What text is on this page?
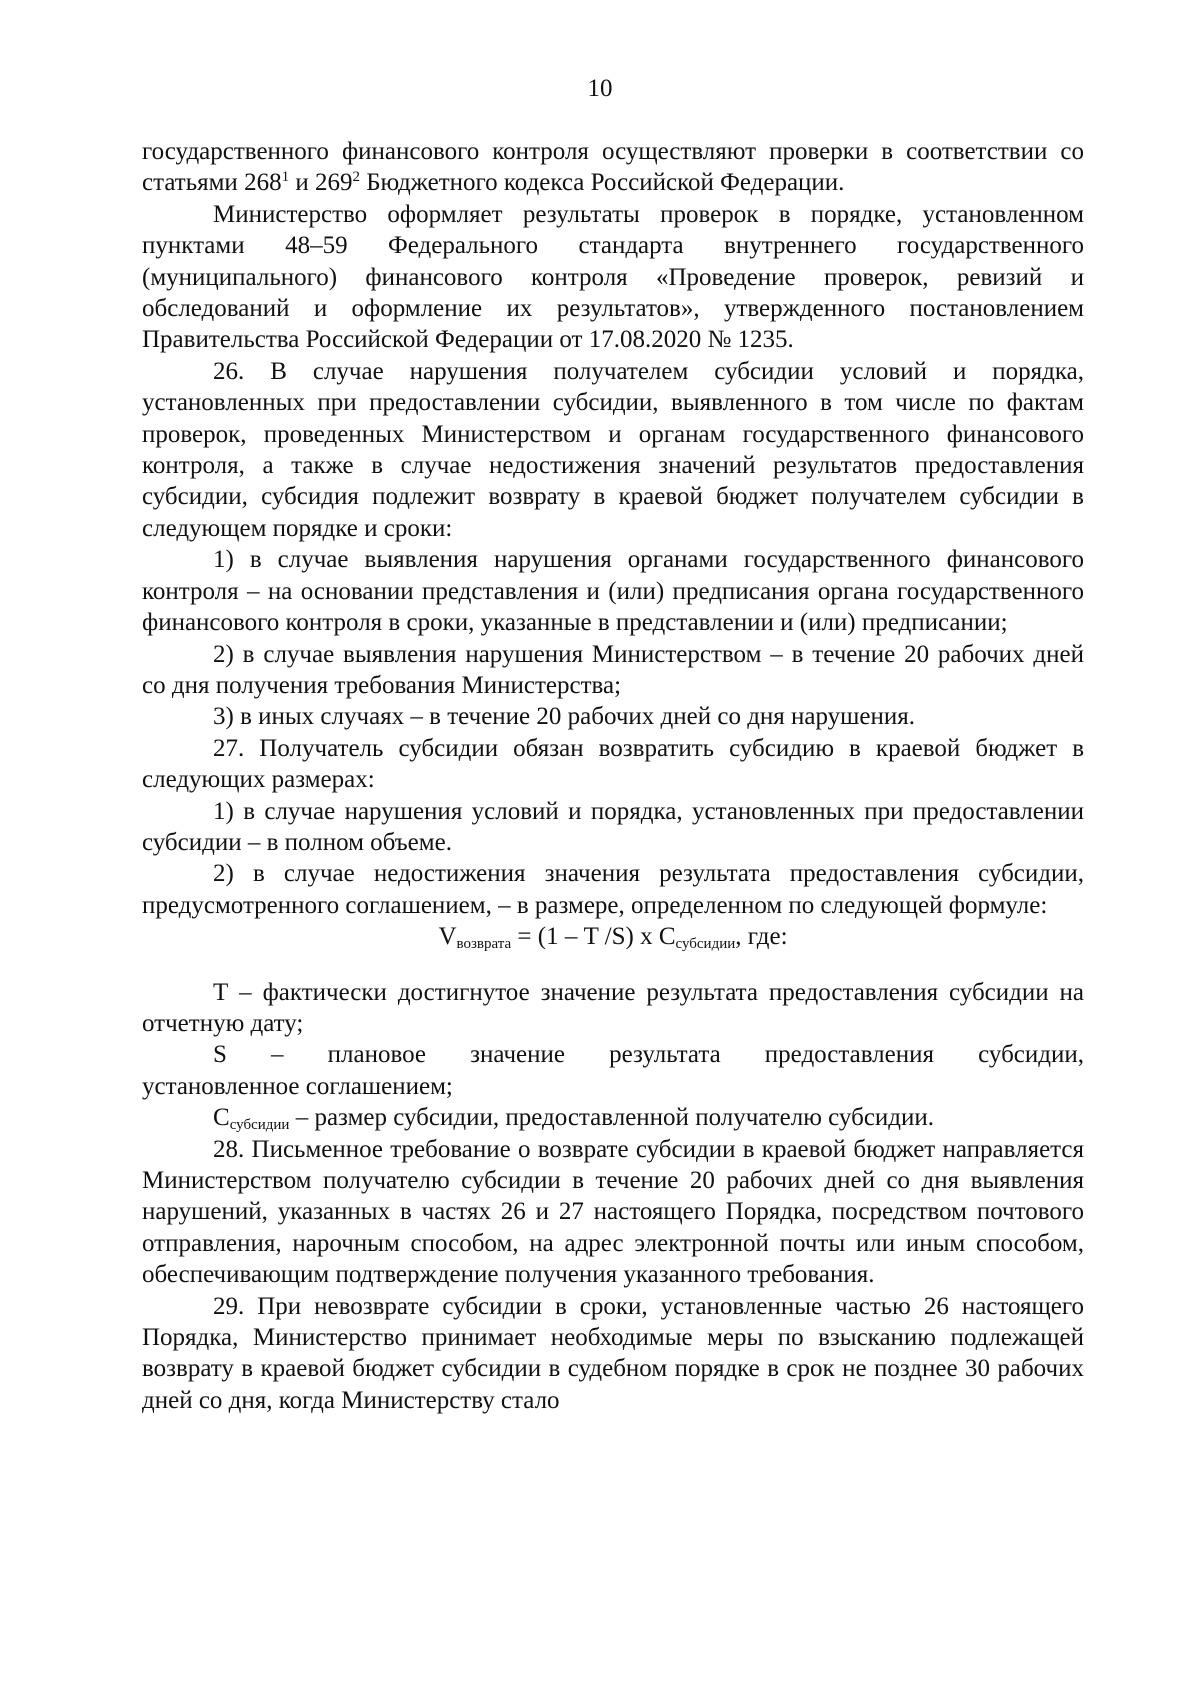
10

государственного финансового контроля осуществляют проверки в соответствии со статьями $268^1$ и $269^2$ Бюджетного кодекса Российской Федерации.

Министерство оформляет результаты проверок в порядке, установленном пунктами 48–59 Федерального стандарта внутреннего государственного (муниципального) финансового контроля «Проведение проверок, ревизий и обследований и оформление их результатов», утвержденного постановлением Правительства Российской Федерации от 17.08.2020 № 1235.

26. В случае нарушения получателем субсидии условий и порядка, установленных при предоставлении субсидии, выявленного в том числе по фактам проверок, проведенных Министерством и органам государственного финансового контроля, а также в случае недостижения значений результатов предоставления субсидии, субсидия подлежит возврату в краевой бюджет получателем субсидии в следующем порядке и сроки:

1) в случае выявления нарушения органами государственного финансового контроля – на основании представления и (или) предписания органа государственного финансового контроля в сроки, указанные в представлении и (или) предписании;

2) в случае выявления нарушения Министерством – в течение 20 рабочих дней со дня получения требования Министерства;

3) в иных случаях – в течение 20 рабочих дней со дня нарушения.

27. Получатель субсидии обязан возвратить субсидию в краевой бюджет в следующих размерах:

1) в случае нарушения условий и порядка, установленных при предоставлении субсидии – в полном объеме.

2) в случае недостижения значения результата предоставления субсидии, предусмотренного соглашением, – в размере, определенном по следующей формуле:

$V_{возврата} = (1 - T$ /S) x $C_{субсидии}$, где:

Т – фактически достигнутое значение результата предоставления субсидии на отчетную дату;

S – плановое значение результата предоставления субсидии,

установленное соглашением;

$С_{субсидии}$ – размер субсидии, предоставленной получателю субсидии.

28. Письменное требование о возврате субсидии в краевой бюджет направляется Министерством получателю субсидии в течение 20 рабочих дней со дня выявления нарушений, указанных в частях 26 и 27 настоящего Порядка, посредством почтового отправления, нарочным способом, на адрес электронной почты или иным способом, обеспечивающим подтверждение получения указанного требования.

29. При невозврате субсидии в сроки, установленные частью 26 настоящего Порядка, Министерство принимает необходимые меры по взысканию подлежащей возврату в краевой бюджет субсидии в судебном порядке в срок не позднее 30 рабочих дней со дня, когда Министерству стало
